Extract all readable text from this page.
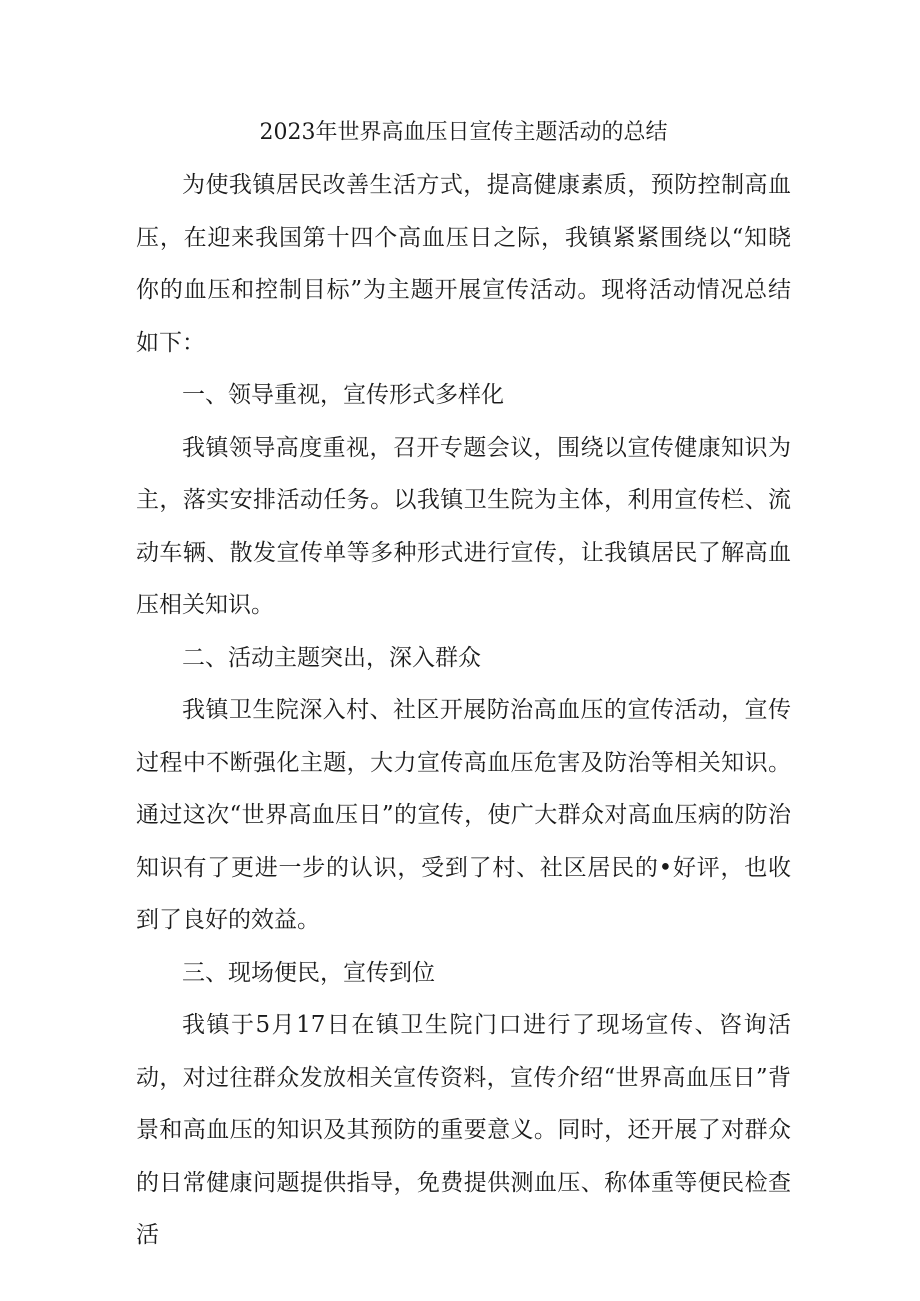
2023年世界高血压日宣传主题活动的总结

为使我镇居民改善生活方式，提高健康素质，预防控制高血压，在迎来我国第十四个高血压日之际，我镇紧紧围绕以“知晓你的血压和控制目标”为主题开展宣传活动。现将活动情况总结如下：

一、领导重视，宣传形式多样化

我镇领导高度重视，召开专题会议，围绕以宣传健康知识为主，落实安排活动任务。以我镇卫生院为主体，利用宣传栏、流动车辆、散发宣传单等多种形式进行宣传，让我镇居民了解高血压相关知识。

二、活动主题突出，深入群众

我镇卫生院深入村、社区开展防治高血压的宣传活动，宣传过程中不断强化主题，大力宣传高血压危害及防治等相关知识。通过这次“世界高血压日”的宣传，使广大群众对高血压病的防治知识有了更进一步的认识，受到了村、社区居民的•好评，也收到了良好的效益。

三、现场便民，宣传到位

我镇于5月17日在镇卫生院门口进行了现场宣传、咨询活动，对过往群众发放相关宣传资料，宣传介绍“世界高血压日”背景和高血压的知识及其预防的重要意义。同时，还开展了对群众的日常健康问题提供指导，免费提供测血压、称体重等便民检查活
